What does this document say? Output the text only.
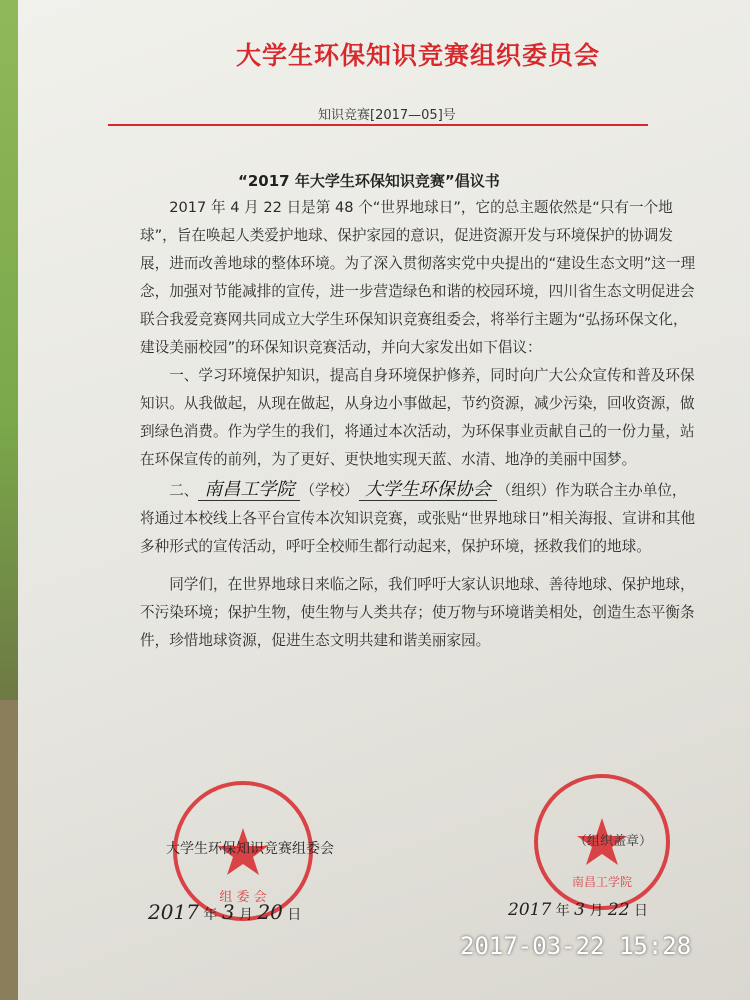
大学生环保知识竞赛组织委员会
知识竞赛[2017—05]号
“2017 年大学生环保知识竞赛”倡议书

2017 年 4 月 22 日是第 48 个“世界地球日”，它的总主题依然是“只有一个地球”，旨在唤起人类爱护地球、保护家园的意识，促进资源开发与环境保护的协调发展，进而改善地球的整体环境。为了深入贯彻落实党中央提出的“建设生态文明”这一理念，加强对节能减排的宣传，进一步营造绿色和谐的校园环境，四川省生态文明促进会联合我爱竞赛网共同成立大学生环保知识竞赛组委会，将举行主题为“弘扬环保文化，建设美丽校园”的环保知识竞赛活动，并向大家发出如下倡议：

一、学习环境保护知识，提高自身环境保护修养，同时向广大公众宣传和普及环保知识。从我做起，从现在做起，从身边小事做起，节约资源，减少污染，回收资源，做到绿色消费。作为学生的我们，将通过本次活动，为环保事业贡献自己的一份力量，站在环保宣传的前列，为了更好、更快地实现天蓝、水清、地净的美丽中国梦。

二、 南昌工学院 （学校） 大学生环保协会 （组织）作为联合主办单位，将通过本校线上各平台宣传本次知识竞赛，或张贴“世界地球日”相关海报、宣讲和其他多种形式的宣传活动，呼吁全校师生都行动起来，保护环境，拯救我们的地球。

同学们，在世界地球日来临之际，我们呼吁大家认识地球、善待地球、保护地球，不污染环境；保护生物，使生物与人类共存；使万物与环境谐美相处，创造生态平衡条件，珍惜地球资源，促进生态文明共建和谐美丽家园。

组 委 会
南昌工学院
大学生环保知识竞赛组委会	（组织盖章）
2017 年 3 月 20 日	2017 年 3 月 22 日
2017-03-22 15:28
